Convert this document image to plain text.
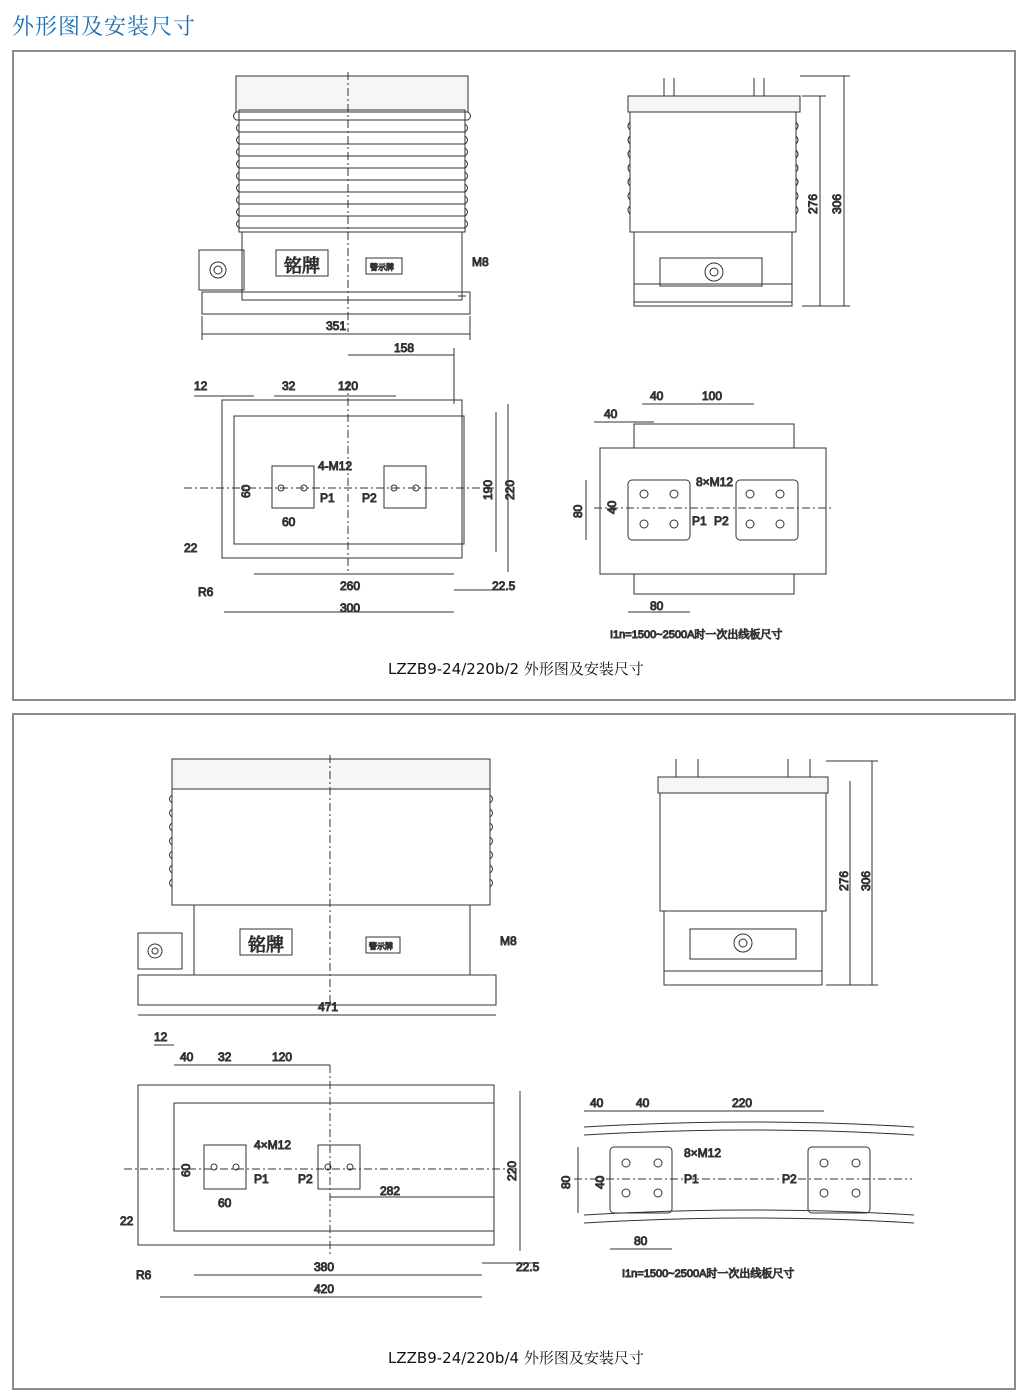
外形图及安装尺寸
铭牌	警示牌	M8
351
276 306
158
12	32	120
4-M12
60
60
P1 P2	190 220
22
R6	260
300
22.5
40
40	100
8×M12
80 40
P1 P2
80
I1n=1500~2500A时一次出线板尺寸
LZZB9-24/220b/2 外形图及安装尺寸
铭牌	警示牌	M8
471
276 306
12
40 32	120
4×M12
60
60
P1 P2
282
220
22
R6
380
420
22.5
40	40	220
8×M12
80 40	P1	P2
80
I1n=1500~2500A时一次出线板尺寸
LZZB9-24/220b/4 外形图及安装尺寸
